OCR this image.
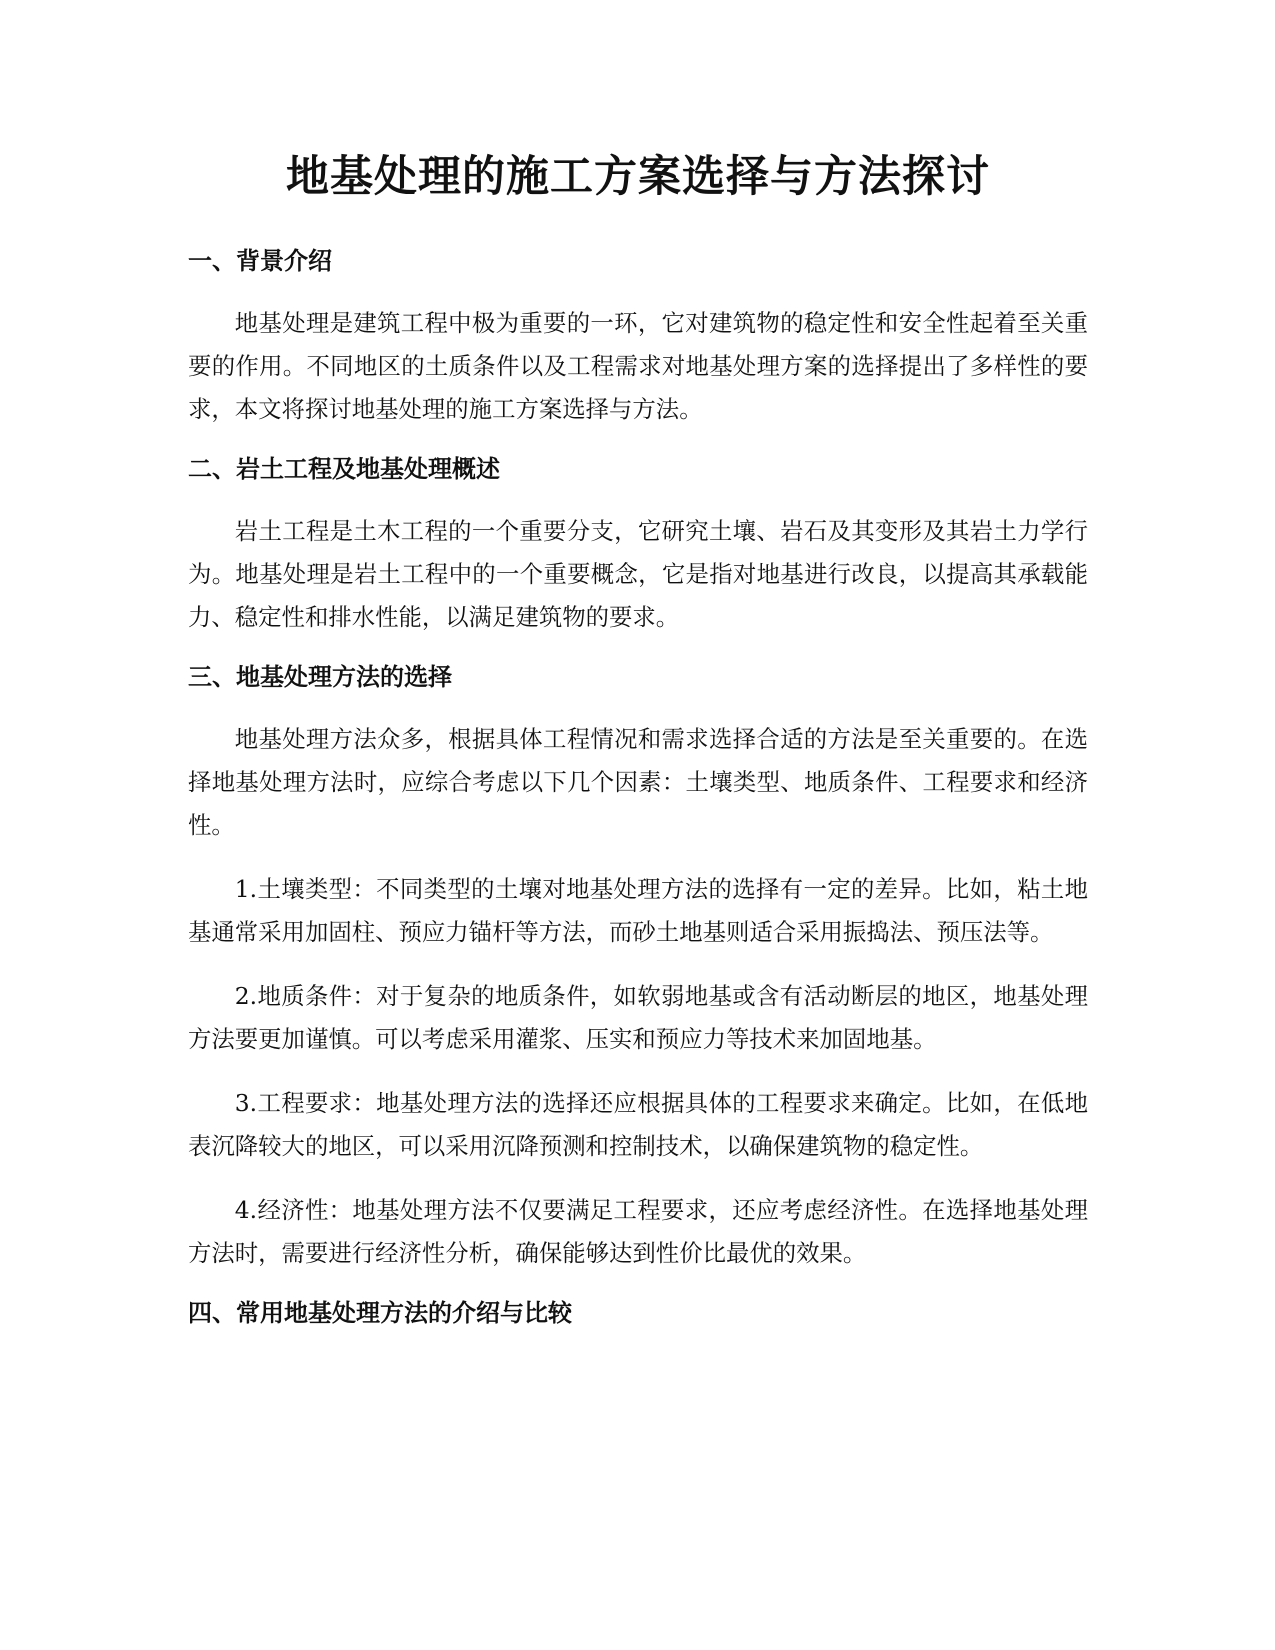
地基处理的施工方案选择与方法探讨
一、背景介绍

地基处理是建筑工程中极为重要的一环，它对建筑物的稳定性和安全性起着至关重要的作用。不同地区的土质条件以及工程需求对地基处理方案的选择提出了多样性的要求，本文将探讨地基处理的施工方案选择与方法。

二、岩土工程及地基处理概述

岩土工程是土木工程的一个重要分支，它研究土壤、岩石及其变形及其岩土力学行为。地基处理是岩土工程中的一个重要概念，它是指对地基进行改良，以提高其承载能力、稳定性和排水性能，以满足建筑物的要求。

三、地基处理方法的选择

地基处理方法众多，根据具体工程情况和需求选择合适的方法是至关重要的。在选择地基处理方法时，应综合考虑以下几个因素：土壤类型、地质条件、工程要求和经济性。

1.土壤类型：不同类型的土壤对地基处理方法的选择有一定的差异。比如，粘土地基通常采用加固柱、预应力锚杆等方法，而砂土地基则适合采用振捣法、预压法等。

2.地质条件：对于复杂的地质条件，如软弱地基或含有活动断层的地区，地基处理方法要更加谨慎。可以考虑采用灌浆、压实和预应力等技术来加固地基。

3.工程要求：地基处理方法的选择还应根据具体的工程要求来确定。比如，在低地表沉降较大的地区，可以采用沉降预测和控制技术，以确保建筑物的稳定性。

4.经济性：地基处理方法不仅要满足工程要求，还应考虑经济性。在选择地基处理方法时，需要进行经济性分析，确保能够达到性价比最优的效果。

四、常用地基处理方法的介绍与比较
